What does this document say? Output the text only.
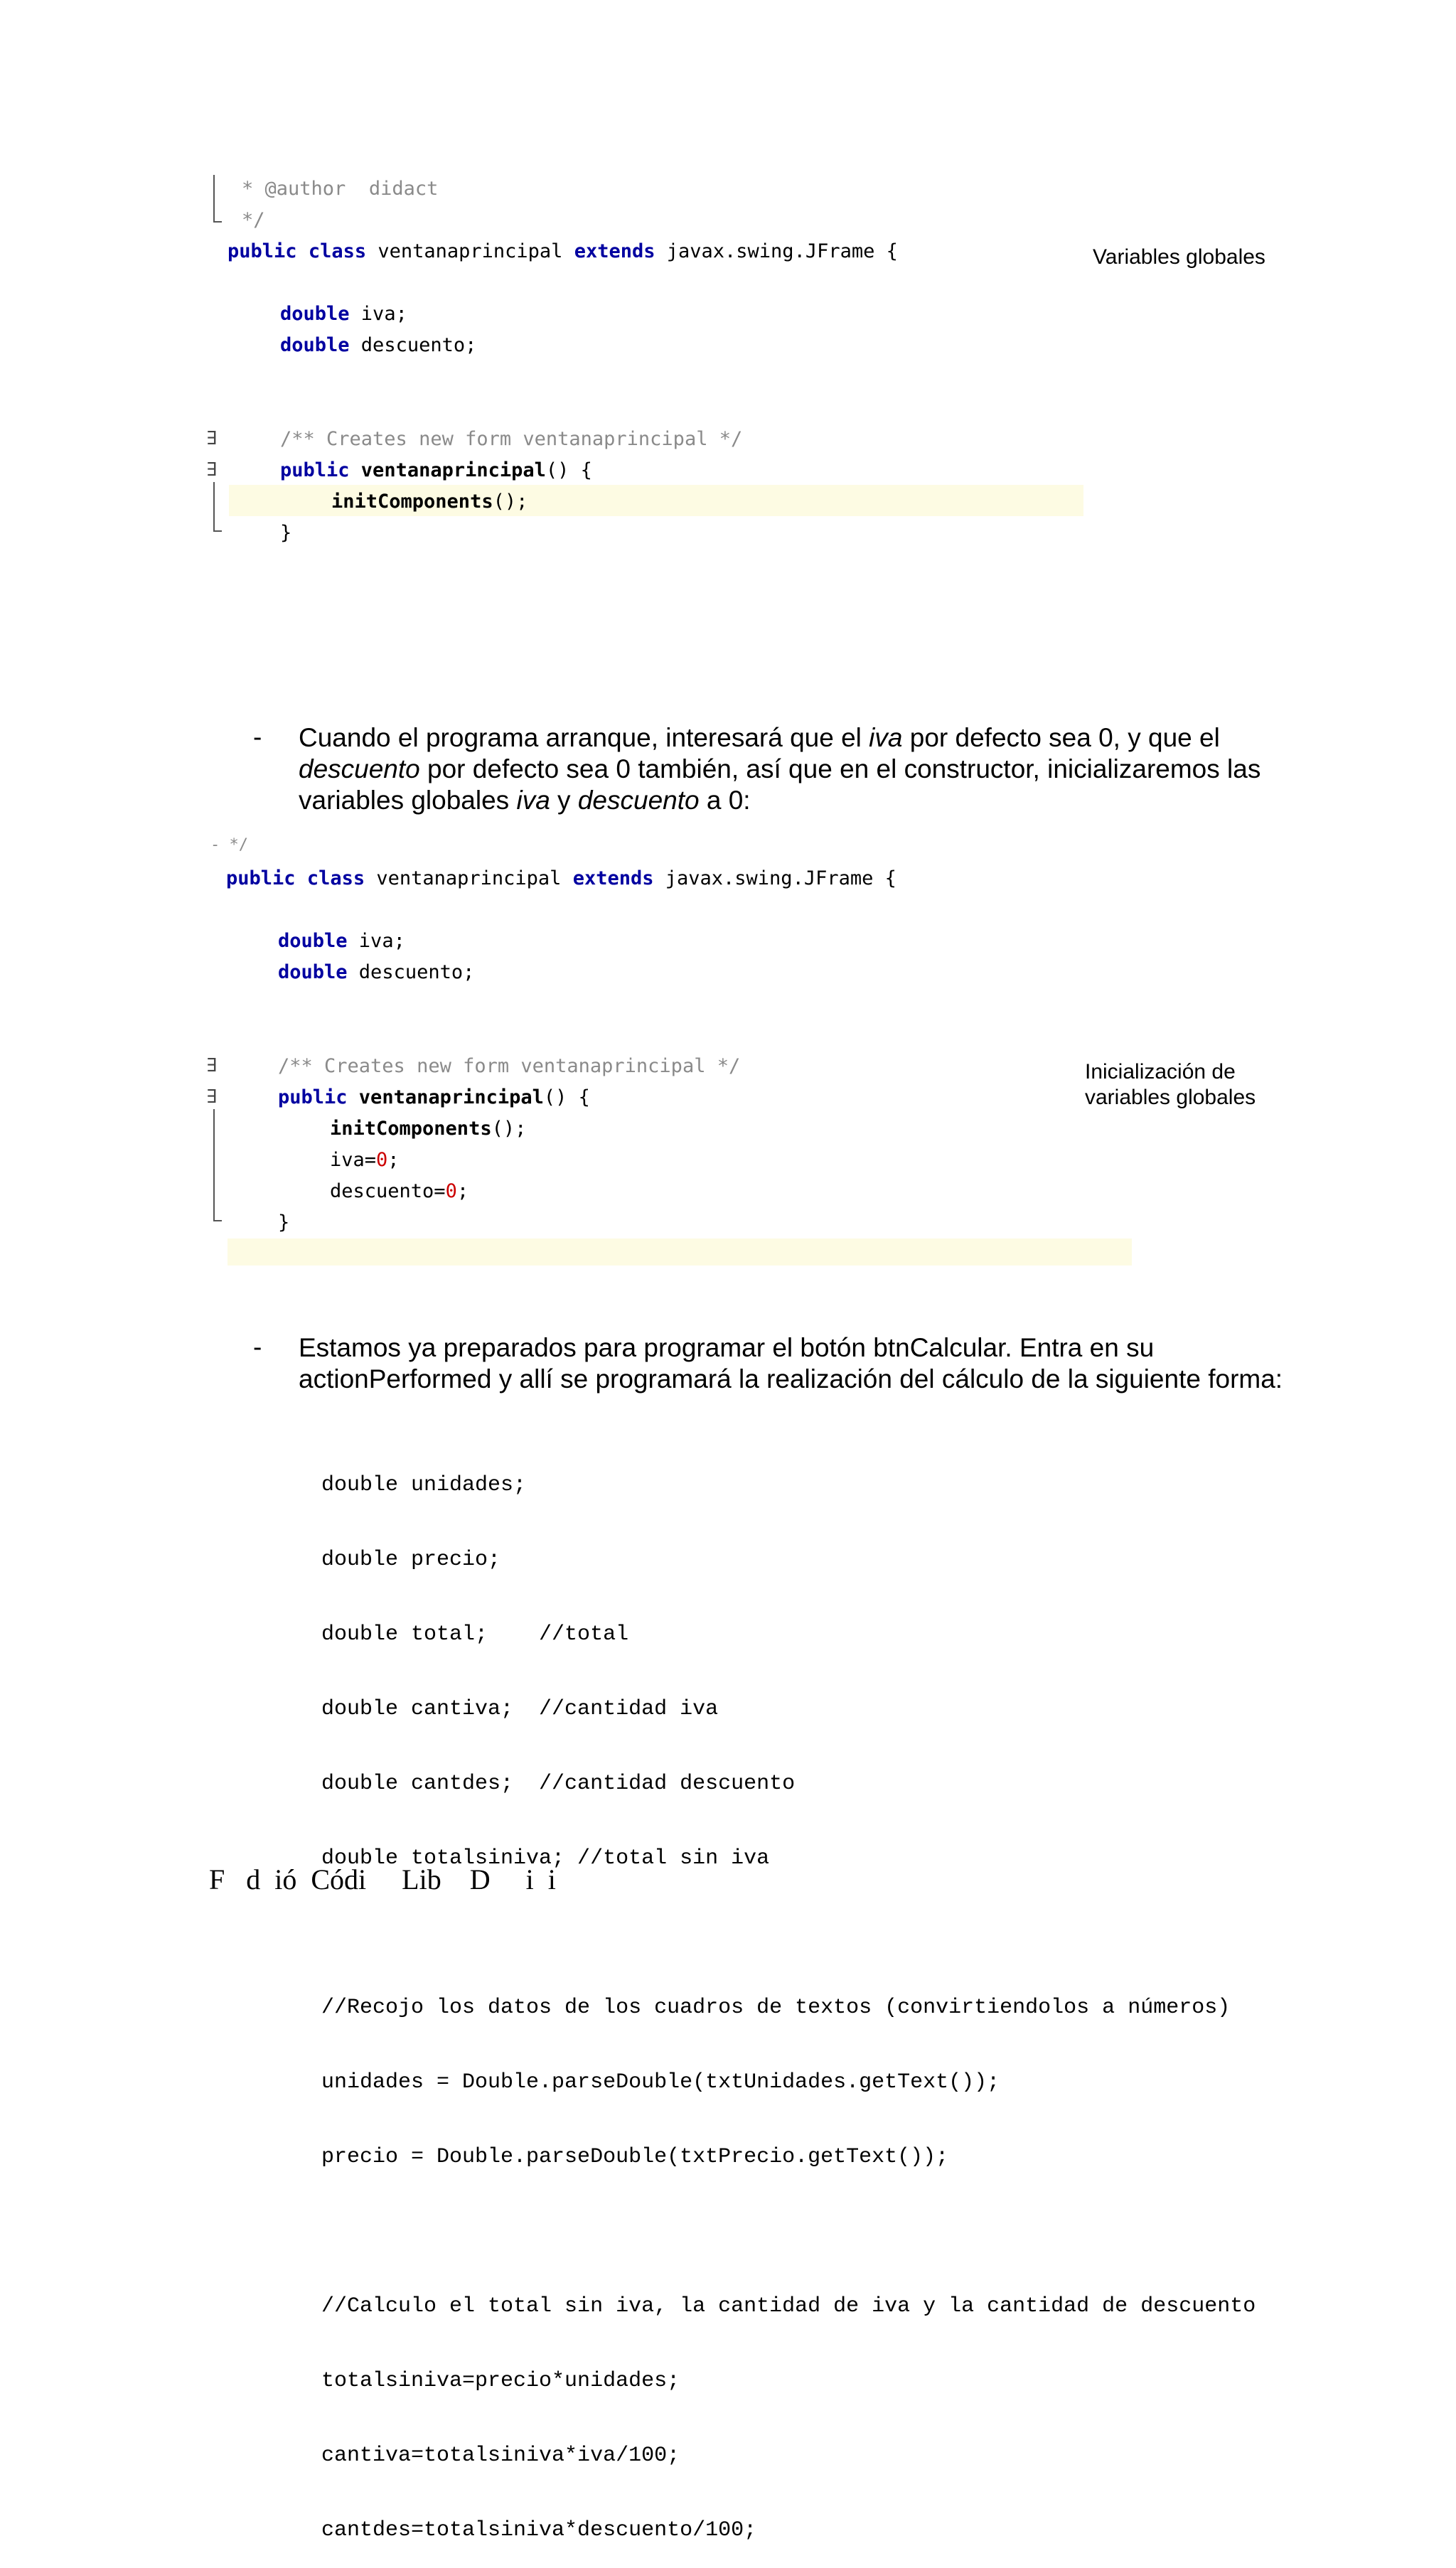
* @author  didact
*/
public class ventanaprincipal extends javax.swing.JFrame {
double iva;
double descuento;
∃	/** Creates new form ventanaprincipal */
∃	public ventanaprincipal() {
initComponents();
}
Variables globales
- Cuando el programa arranque, interesará que el iva por defecto sea 0, y que el descuento por defecto sea 0 también, así que en el constructor, inicializaremos las variables globales iva y descuento a 0:
- */
public class ventanaprincipal extends javax.swing.JFrame {
double iva;
double descuento;
∃	/** Creates new form ventanaprincipal */
∃	public ventanaprincipal() {
initComponents();
iva=0;
descuento=0;
}
Inicialización de
variables globales
- Estamos ya preparados para programar el botón btnCalcular. Entra en su
actionPerformed y allí se programará la realización del cálculo de la siguiente forma:

double unidades;

double precio;

double total;    //total

double cantiva;  //cantidad iva

double cantdes;  //cantidad descuento

double totalsiniva; //total sin iva

//Recojo los datos de los cuadros de textos (convirtiendolos a números)

unidades = Double.parseDouble(txtUnidades.getText());

precio = Double.parseDouble(txtPrecio.getText());

//Calculo el total sin iva, la cantidad de iva y la cantidad de descuento

totalsiniva=precio*unidades;

cantiva=totalsiniva*iva/100;

cantdes=totalsiniva*descuento/100;

F   d  ió  Códi     Lib    D     i  i
